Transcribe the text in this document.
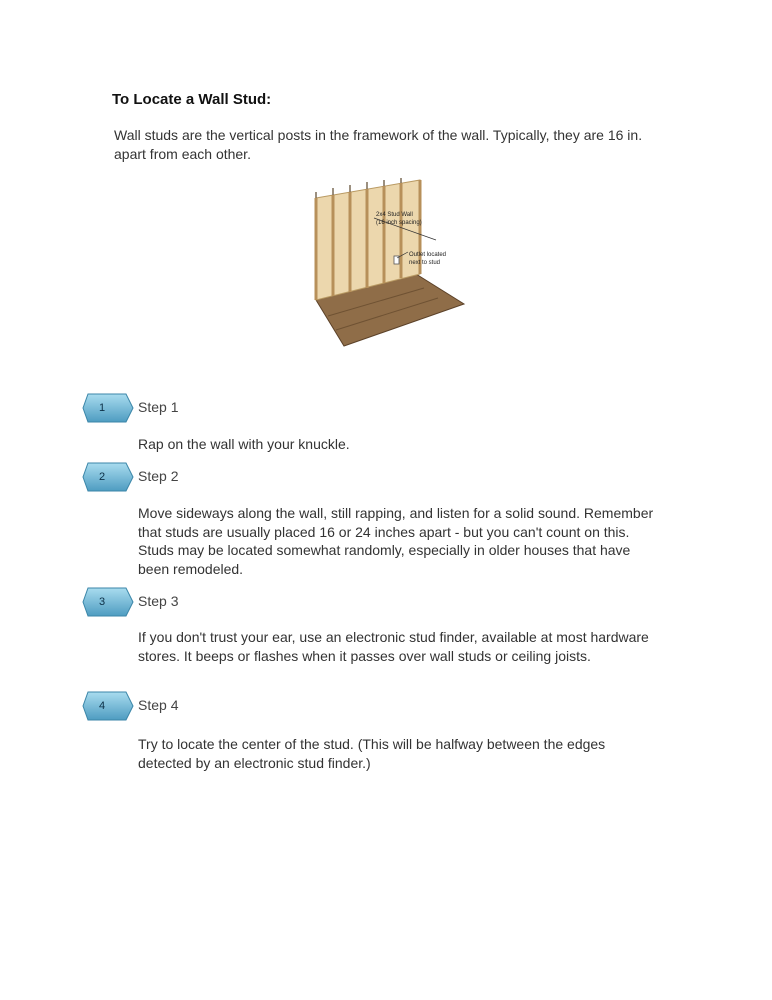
To Locate a Wall Stud:
Wall studs are the vertical posts in the framework of the wall. Typically, they are 16 in. apart from each other.
2x4 Stud Wall
(16 inch spacing)
Outlet located
next to stud
1	Step 1
Rap on the wall with your knuckle.
2	Step 2
Move sideways along the wall, still rapping, and listen for a solid sound. Remember that studs are usually placed 16 or 24 inches apart - but you can't count on this. Studs may be located somewhat randomly, especially in older houses that have been remodeled.
3	Step 3
If you don't trust your ear, use an electronic stud finder, available at most hardware stores. It beeps or flashes when it passes over wall studs or ceiling joists.
4	Step 4
Try to locate the center of the stud. (This will be halfway between the edges detected by an electronic stud finder.)
